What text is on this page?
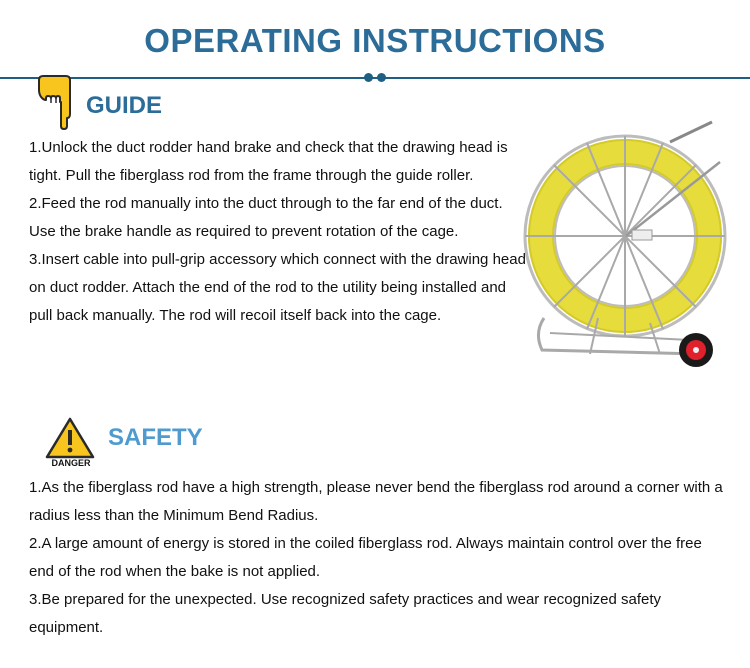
OPERATING INSTRUCTIONS
GUIDE

1.Unlock the duct rodder hand brake and check that the drawing head is tight. Pull the fiberglass rod from the frame through the guide roller.

2.Feed the rod manually into the duct through to the far end of the duct. Use the brake handle as required to prevent rotation of the cage.

3.Insert cable into pull-grip accessory which connect with the drawing head on duct rodder. Attach the end of the rod to the utility being installed and pull back manually. The rod will recoil itself back into the cage.

DANGER
SAFETY

1.As the fiberglass rod have a high strength, please never bend the fiberglass rod around a corner with a radius less than the Minimum Bend Radius.

2.A large amount of energy is stored in the coiled fiberglass rod. Always maintain control over the free end of the rod when the bake is not applied.

3.Be prepared for the unexpected. Use recognized safety practices and wear recognized safety equipment.
